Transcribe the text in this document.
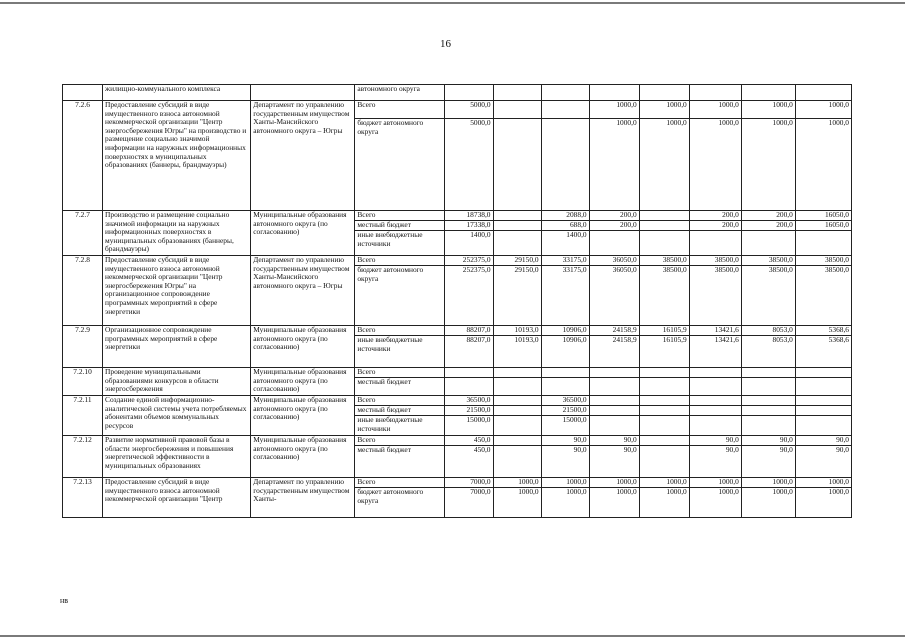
16
	жилищно-коммунального комплекса		автономного округа								
7.2.6	Предоставление субсидий в виде имущественного взноса автономной некоммерческой организации "Центр энергосбережения Югры" на производство и размещение социально значимой информации на наружных информационных поверхностях в муниципальных образованиях (баннеры, брандмауэры)	Департамент по управлению государственным имуществом Ханты-Мансийского автономного округа – Югры	Всего	5000,0			1000,0	1000,0	1000,0	1000,0	1000,0
			бюджет автономного округа	5000,0			1000,0	1000,0	1000,0	1000,0	1000,0
7.2.7	Производство и размещение социально значимой информации на наружных информационных поверхностях в муниципальных образованиях (баннеры, брандмауэры)	Муниципальные образования автономного округа (по согласованию)	Всего	18738,0		2088,0	200,0		200,0	200,0	16050,0
			местный бюджет	17338,0		688,0	200,0		200,0	200,0	16050,0
			иные внебюджетные источники	1400,0		1400,0					
7.2.8	Предоставление субсидий в виде имущественного взноса автономной некоммерческой организации "Центр энергосбережения Югры" на организационное сопровождение программных мероприятий в сфере энергетики	Департамент по управлению государственным имуществом Ханты-Мансийского автономного округа – Югры	Всего	252375,0	29150,0	33175,0	36050,0	38500,0	38500,0	38500,0	38500,0
			бюджет автономного округа	252375,0	29150,0	33175,0	36050,0	38500,0	38500,0	38500,0	38500,0
7.2.9	Организационное сопровождение программных мероприятий в сфере энергетики	Муниципальные образования автономного округа (по согласованию)	Всего	88207,0	10193,0	10906,0	24158,9	16105,9	13421,6	8053,0	5368,6
			иные внебюджетные источники	88207,0	10193,0	10906,0	24158,9	16105,9	13421,6	8053,0	5368,6
7.2.10	Проведение муниципальными образованиями конкурсов в области энергосбережения	Муниципальные образования автономного округа (по согласованию)	Всего								
			местный бюджет								
7.2.11	Создание единой информационно-аналитической системы учета потребляемых абонентами объемов коммунальных ресурсов	Муниципальные образования автономного округа (по согласованию)	Всего	36500,0		36500,0					
			местный бюджет	21500,0		21500,0					
			иные внебюджетные источники	15000,0		15000,0					
7.2.12	Развитие нормативной правовой базы в области энергосбережения и повышения энергетической эффективности в муниципальных образованиях	Муниципальные образования автономного округа (по согласованию)	Всего	450,0		90,0	90,0		90,0	90,0	90,0
			местный бюджет	450,0		90,0	90,0		90,0	90,0	90,0
7.2.13	Предоставление субсидий в виде имущественного взноса автономной некоммерческой организации "Центр	Департамент по управлению государственным имуществом Ханты-	Всего	7000,0	1000,0	1000,0	1000,0	1000,0	1000,0	1000,0	1000,0
			бюджет автономного округа	7000,0	1000,0	1000,0	1000,0	1000,0	1000,0	1000,0	1000,0
нв
